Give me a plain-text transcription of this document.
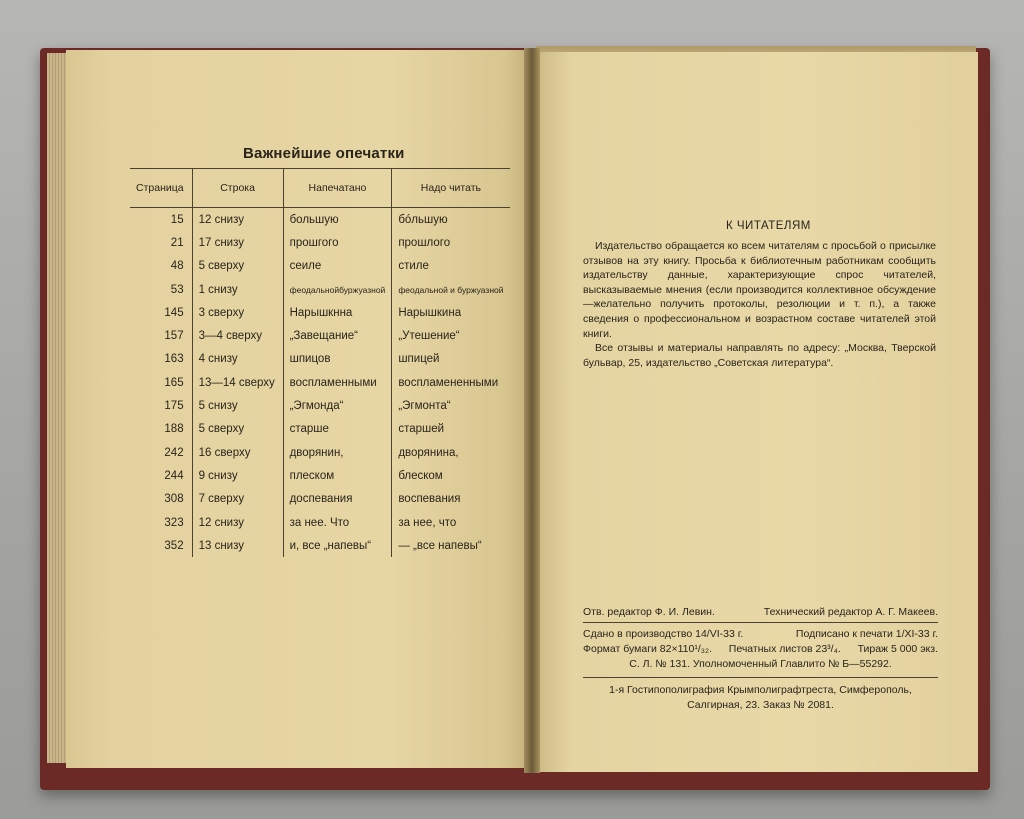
Важнейшие опечатки
Страница	Строка	Напечатано	Надо читать
15	12 снизу	большую	бóльшую
21	17 снизу	прошгого	прошлого
48	5 сверху	сеиле	стиле
53	1 снизу	феодальнойбуржуазной	феодальной и буржуазной
145	3 сверху	Нарышкнна	Нарышкина
157	3—4 сверху	„Завещание“	„Утешение“
163	4 снизу	шпицов	шпицей
165	13—14 сверху	воспламенными	воспламененными
175	5 снизу	„Эгмонда“	„Эгмонта“
188	5 сверху	старше	старшей
242	16 сверху	дворянин,	дворянина,
244	9 снизу	плеском	блеском
308	7 сверху	доспевания	воспевания
323	12 снизу	за нее. Что	за нее, что
352	13 снизу	и, все „напевы“	— „все напевы“
К ЧИТАТЕЛЯМ

Издательство обращается ко всем читателям с просьбой о присылке отзывов на эту книгу. Просьба к библиотечным работникам сообщить издательству данные, характеризующие спрос читателей, высказываемые мнения (если производится коллективное обсуждение—желательно получить протоколы, резолюции и т. п.), а также сведения о профессиональном и возрастном составе читателей этой книги.

Все отзывы и материалы направлять по адресу: „Москва, Тверской бульвар, 25, издательство „Советская литература“.

Отв. редактор Ф. И. Левин.	Технический редактор А. Г. Макеев.
Сдано в производство 14/VI-33 г.	Подписано к печати 1/XI-33 г.
Формат бумаги 82×110¹/₃₂. Печатных листов 23³/₄. Тираж 5 000 экз.
С. Л. № 131. Уполномоченный Главлито № Б—55292.
1-я Гостипополиграфия Крымполиграфтреста, Симферополь,
Салгирная, 23. Заказ № 2081.
